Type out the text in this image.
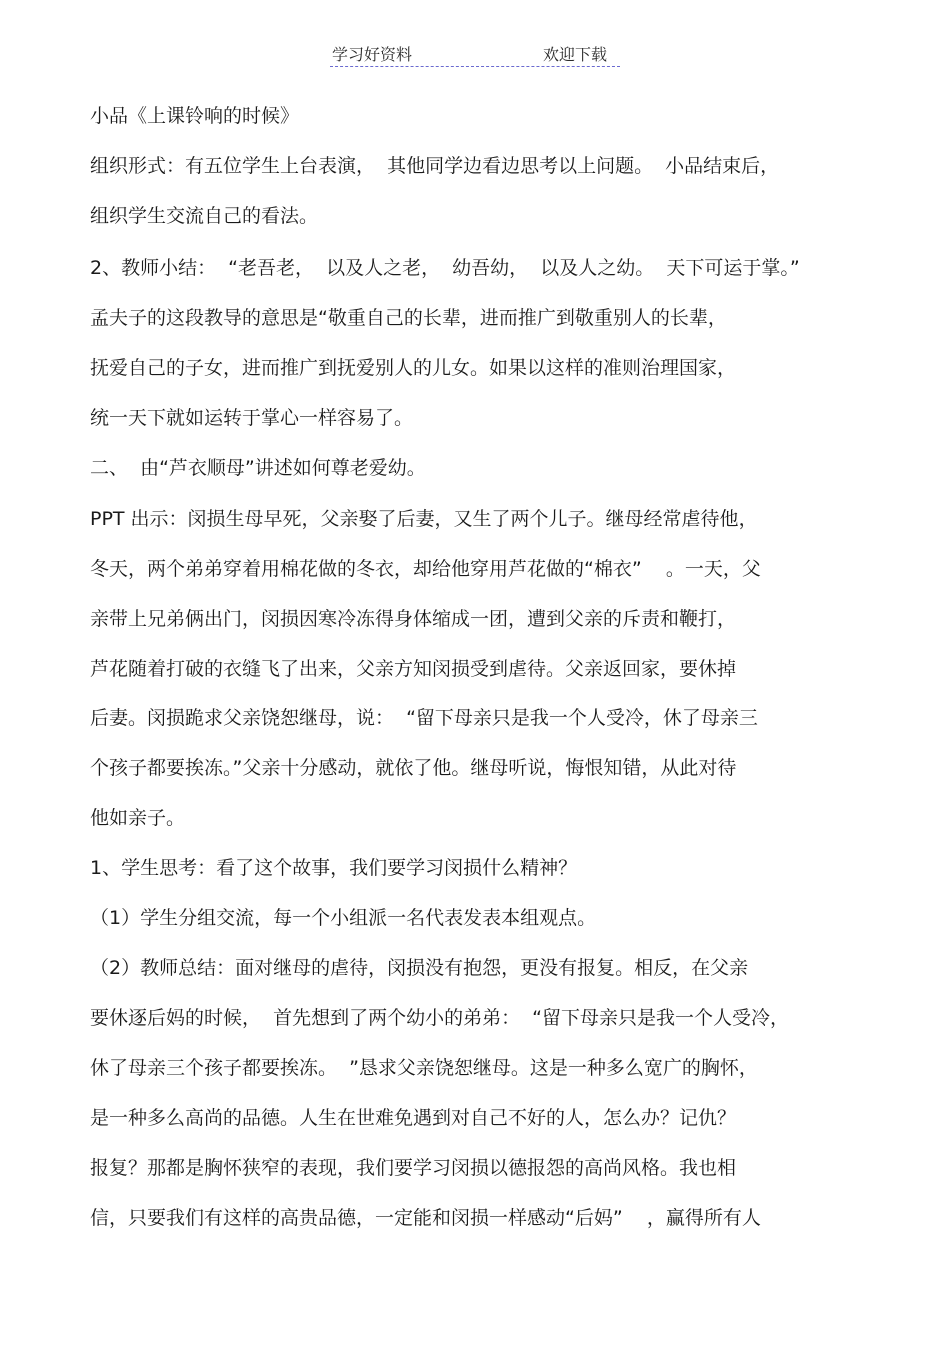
学习好资料	欢迎下载
小品《上课铃响的时候》
组织形式：有五位学生上台表演，  其他同学边看边思考以上问题。  小品结束后，
组织学生交流自己的看法。
2、教师小结：  “老吾老，  以及人之老，  幼吾幼，  以及人之幼。  天下可运于掌。”
孟夫子的这段教导的意思是“敬重自己的长辈，进而推广到敬重别人的长辈，
抚爱自己的子女，进而推广到抚爱别人的儿女。如果以这样的准则治理国家，
统一天下就如运转于掌心一样容易了。
二、  由“芦衣顺母”讲述如何尊老爱幼。
PPT 出示：闵损生母早死，父亲娶了后妻，又生了两个儿子。继母经常虐待他，
冬天，两个弟弟穿着用棉花做的冬衣，却给他穿用芦花做的“棉衣”    。一天，父
亲带上兄弟俩出门，闵损因寒冷冻得身体缩成一团，遭到父亲的斥责和鞭打，
芦花随着打破的衣缝飞了出来，父亲方知闵损受到虐待。父亲返回家，要休掉
后妻。闵损跪求父亲饶恕继母，说：  “留下母亲只是我一个人受冷，休了母亲三
个孩子都要挨冻。”父亲十分感动，就依了他。继母听说，悔恨知错，从此对待
他如亲子。
1、学生思考：看了这个故事，我们要学习闵损什么精神？
（1）学生分组交流，每一个小组派一名代表发表本组观点。
（2）教师总结：面对继母的虐待，闵损没有抱怨，更没有报复。相反，在父亲
要休逐后妈的时候，  首先想到了两个幼小的弟弟：  “留下母亲只是我一个人受冷，
休了母亲三个孩子都要挨冻。  ”恳求父亲饶恕继母。这是一种多么宽广的胸怀，
是一种多么高尚的品德。人生在世难免遇到对自己不好的人，怎么办？记仇？
报复？那都是胸怀狭窄的表现，我们要学习闵损以德报怨的高尚风格。我也相
信，只要我们有这样的高贵品德，一定能和闵损一样感动“后妈”    ，赢得所有人
